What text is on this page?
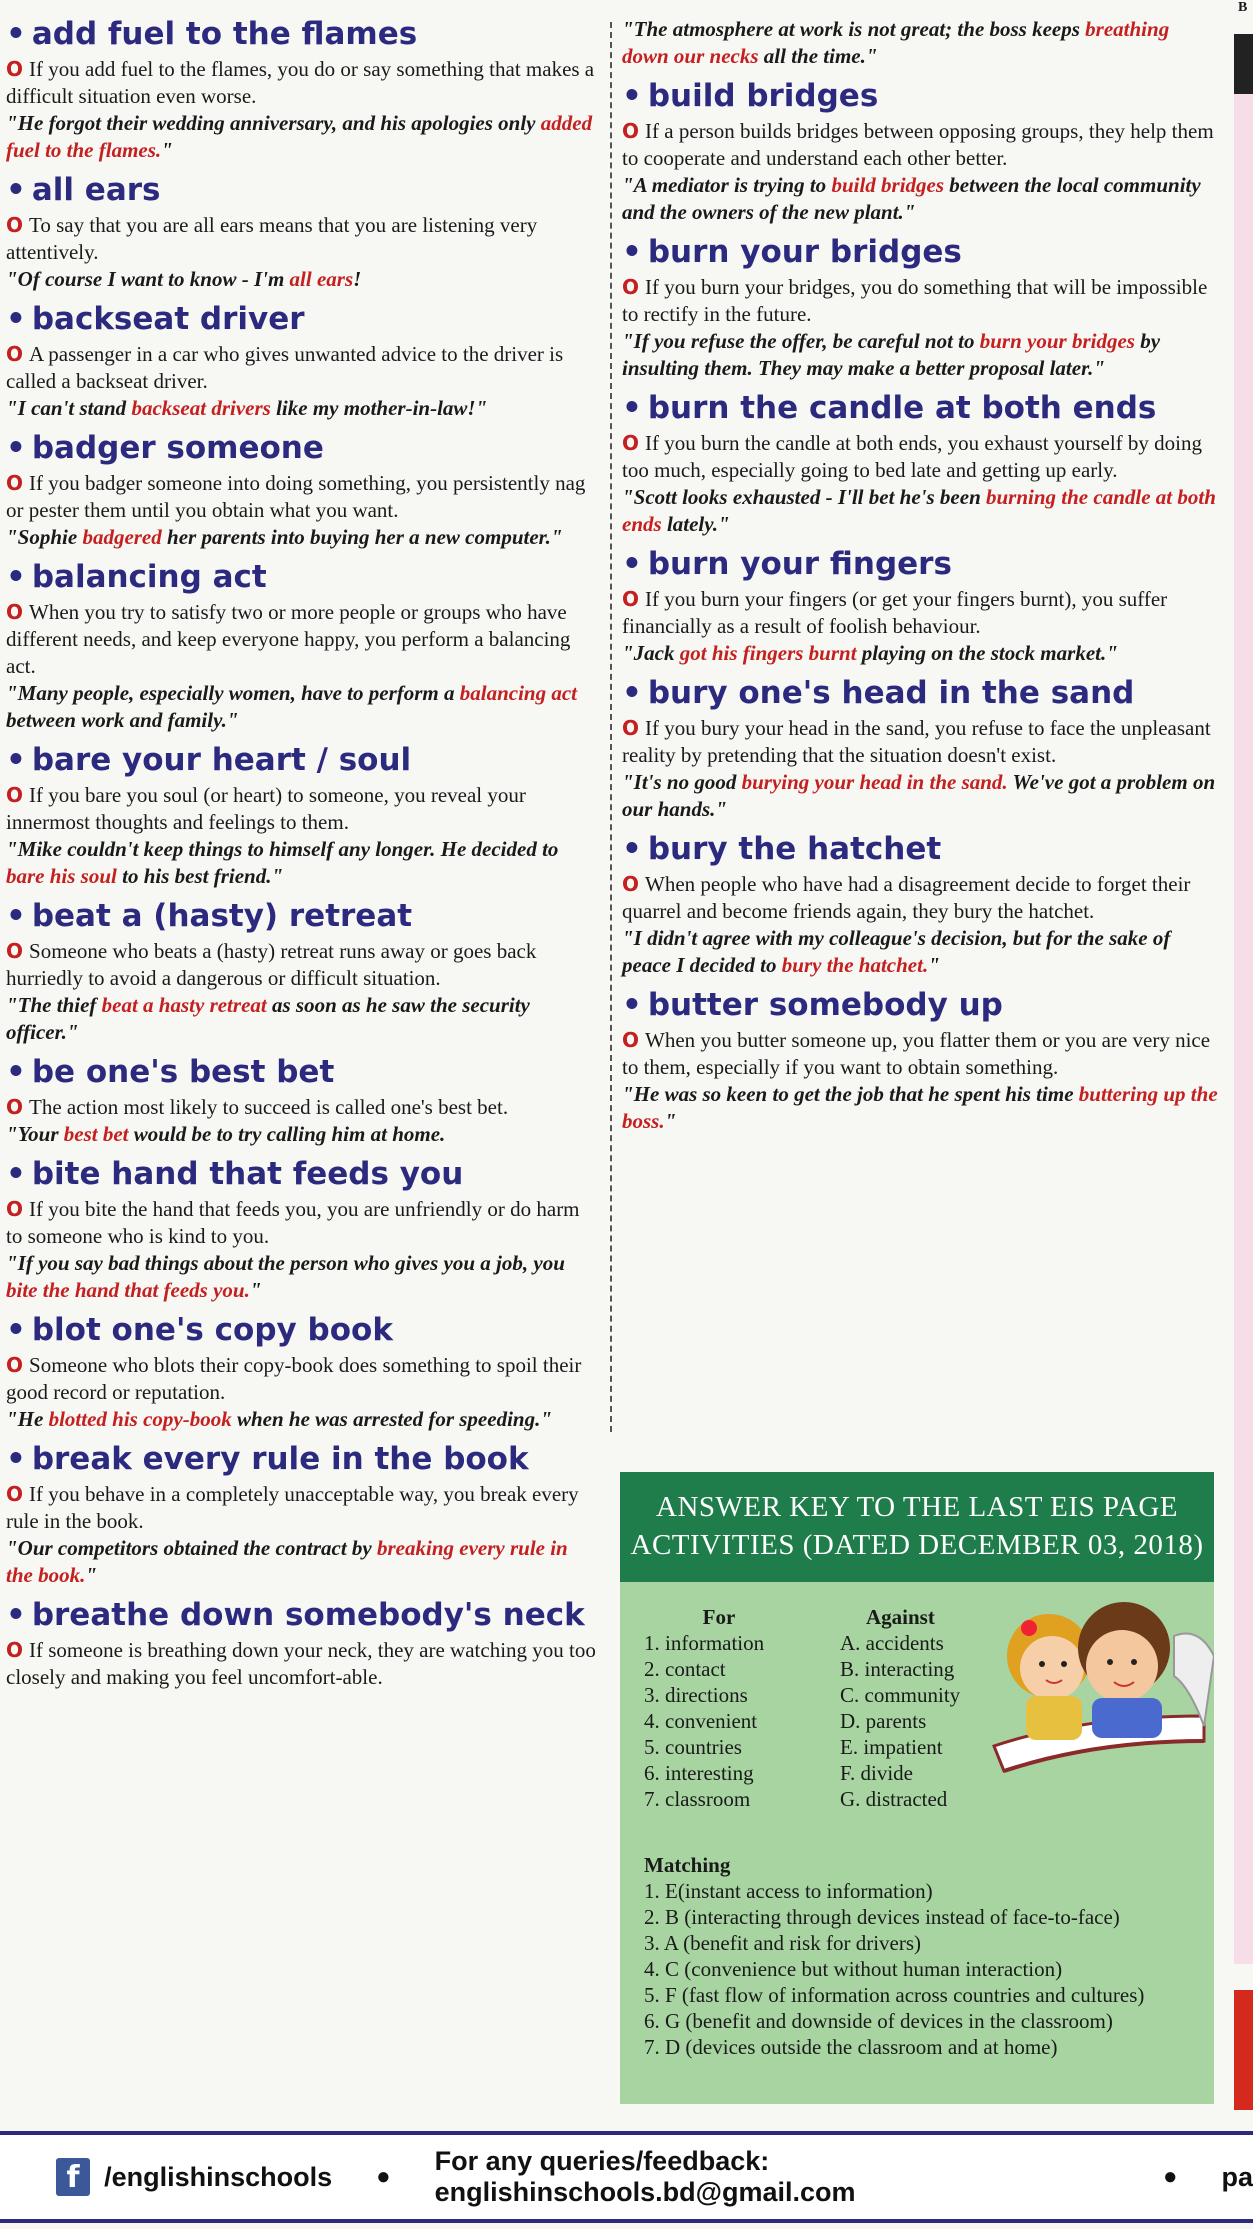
B
• add fuel to the flames

O If you add fuel to the flames, you do or say something that makes a difficult situation even worse.

"He forgot their wedding anniversary, and his apologies only added fuel to the flames."

• all ears

O To say that you are all ears means that you are listening very attentively.

"Of course I want to know - I'm all ears!

• backseat driver

O A passenger in a car who gives unwanted advice to the driver is called a backseat driver.

"I can't stand backseat drivers like my mother-in-law!"

• badger someone

O If you badger someone into doing something, you persistently nag or pester them until you obtain what you want.

"Sophie badgered her parents into buying her a new computer."

• balancing act

O When you try to satisfy two or more people or groups who have different needs, and keep everyone happy, you perform a balancing act.

"Many people, especially women, have to perform a balancing act between work and family."

• bare your heart / soul

O If you bare you soul (or heart) to someone, you reveal your innermost thoughts and feelings to them.

"Mike couldn't keep things to himself any longer. He decided to bare his soul to his best friend."

• beat a (hasty) retreat

O Someone who beats a (hasty) retreat runs away or goes back hurriedly to avoid a dangerous or difficult situation.

"The thief beat a hasty retreat as soon as he saw the security officer."

• be one's best bet

O The action most likely to succeed is called one's best bet.

"Your best bet would be to try calling him at home.

• bite hand that feeds you

O If you bite the hand that feeds you, you are unfriendly or do harm to someone who is kind to you.

"If you say bad things about the person who gives you a job, you bite the hand that feeds you."

• blot one's copy book

O Someone who blots their copy-book does something to spoil their good record or reputation.

"He blotted his copy-book when he was arrested for speeding."

• break every rule in the book

O If you behave in a completely unacceptable way, you break every rule in the book.

"Our competitors obtained the contract by breaking every rule in the book."

• breathe down somebody's neck

O If someone is breathing down your neck, they are watching you too closely and making you feel uncomfort-able.

"The atmosphere at work is not great; the boss keeps breathing down our necks all the time."

• build bridges

O If a person builds bridges between opposing groups, they help them to cooperate and understand each other better.

"A mediator is trying to build bridges between the local community and the owners of the new plant."

• burn your bridges

O If you burn your bridges, you do something that will be impossible to rectify in the future.

"If you refuse the offer, be careful not to burn your bridges by insulting them. They may make a better proposal later."

• burn the candle at both ends

O If you burn the candle at both ends, you exhaust yourself by doing too much, especially going to bed late and getting up early.

"Scott looks exhausted - I'll bet he's been burning the candle at both ends lately."

• burn your fingers

O If you burn your fingers (or get your fingers burnt), you suffer financially as a result of foolish behaviour.

"Jack got his fingers burnt playing on the stock market."

• bury one's head in the sand

O If you bury your head in the sand, you refuse to face the unpleasant reality by pretending that the situation doesn't exist.

"It's no good burying your head in the sand. We've got a problem on our hands."

• bury the hatchet

O When people who have had a disagreement decide to forget their quarrel and become friends again, they bury the hatchet.

"I didn't agree with my colleague's decision, but for the sake of peace I decided to bury the hatchet."

• butter somebody up

O When you butter someone up, you flatter them or you are very nice to them, especially if you want to obtain something.

"He was so keen to get the job that he spent his time buttering up the boss."

ANSWER KEY TO THE LAST EIS PAGE
ACTIVITIES (DATED DECEMBER 03, 2018)
For
1. information
2. contact
3. directions
4. convenient
5. countries
6. interesting
7. classroom
Against
A. accidents
B. interacting
C. community
D. parents
E. impatient
F. divide
G. distracted
Matching
1. E(instant access to information)
2. B (interacting through devices instead of face-to-face)
3. A (benefit and risk for drivers)
4. C (convenience but without human interaction)
5. F (fast flow of information across countries and cultures)
6. G (benefit and downside of devices in the classroom)
7. D (devices outside the classroom and at home)
f /englishinschools ●
For any queries/feedback: englishinschools.bd@gmail.com
● pa
